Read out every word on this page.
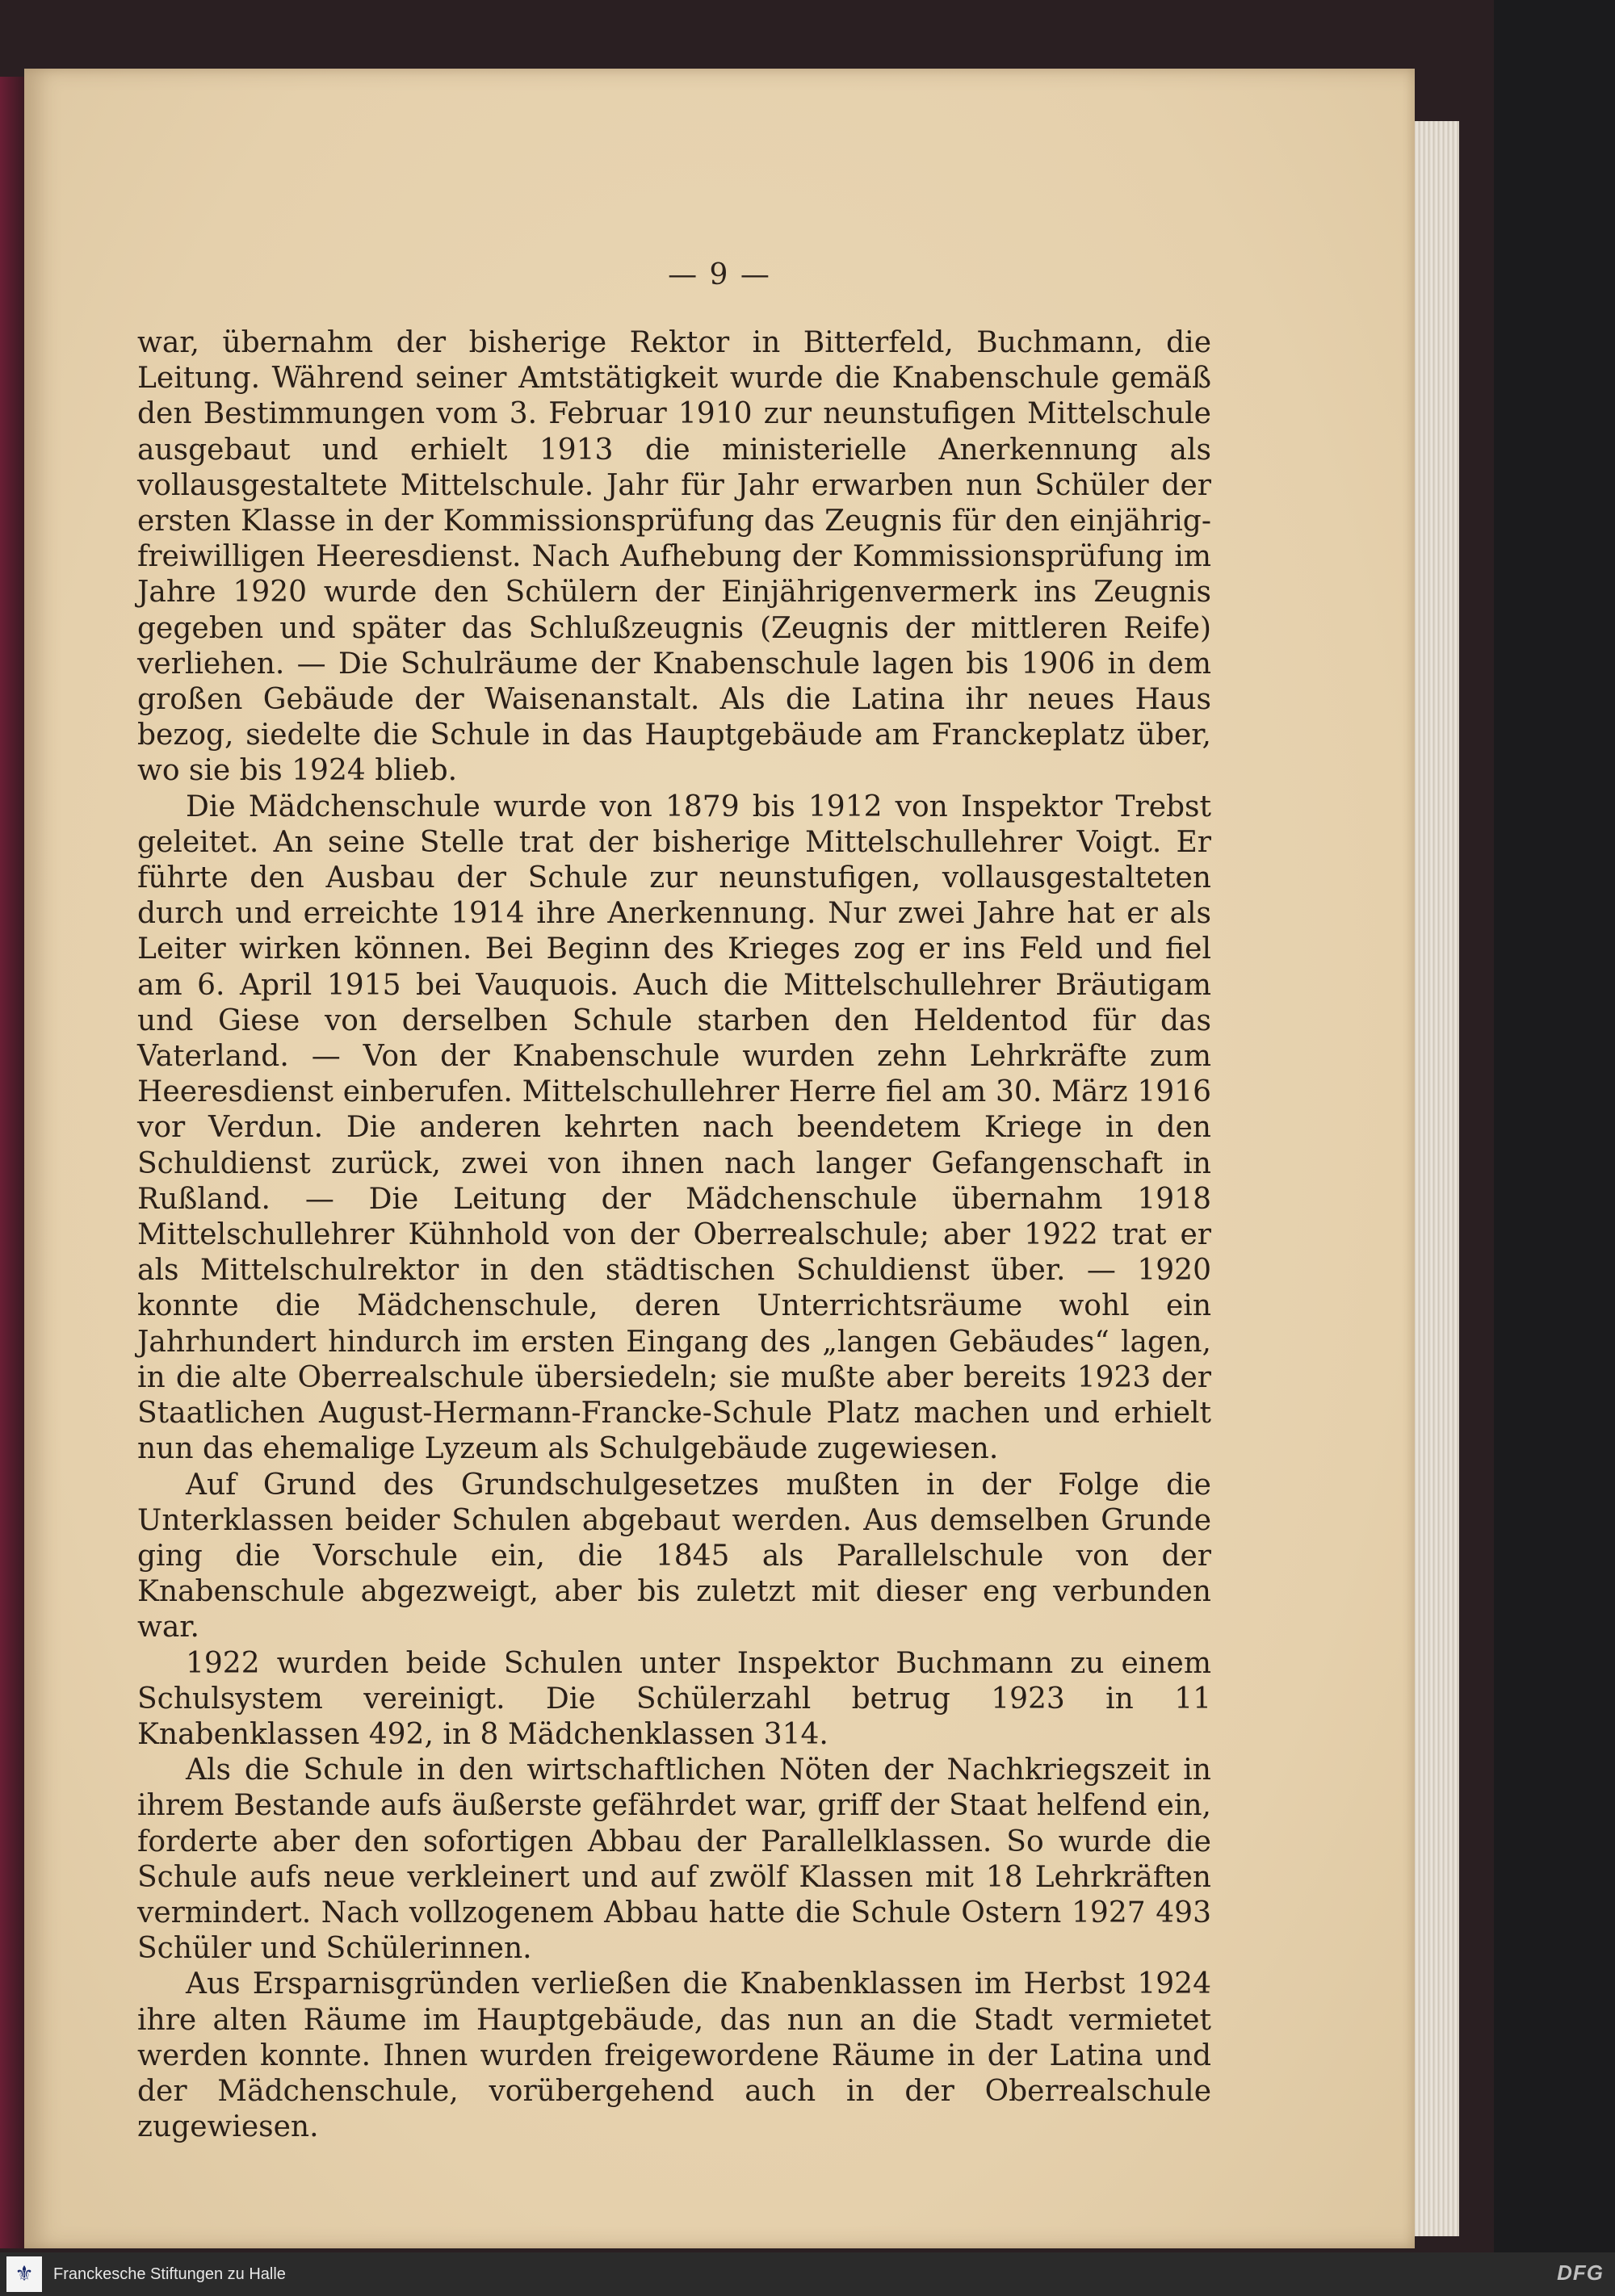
— 9 —

war, übernahm der bisherige Rektor in Bitterfeld, Buchmann, die Leitung. Während seiner Amtstätigkeit wurde die Knabenschule gemäß den Bestimmungen vom 3. Februar 1910 zur neunstufigen Mittelschule ausgebaut und erhielt 1913 die ministerielle Anerkennung als vollausgestaltete Mittelschule. Jahr für Jahr erwarben nun Schüler der ersten Klasse in der Kommissionsprüfung das Zeugnis für den einjährig-freiwilligen Heeresdienst. Nach Aufhebung der Kommissionsprüfung im Jahre 1920 wurde den Schülern der Einjährigenvermerk ins Zeugnis gegeben und später das Schlußzeugnis (Zeugnis der mittleren Reife) verliehen. — Die Schulräume der Knabenschule lagen bis 1906 in dem großen Gebäude der Waisenanstalt. Als die Latina ihr neues Haus bezog, siedelte die Schule in das Hauptgebäude am Franckeplatz über, wo sie bis 1924 blieb.

Die Mädchenschule wurde von 1879 bis 1912 von Inspektor Trebst geleitet. An seine Stelle trat der bisherige Mittelschullehrer Voigt. Er führte den Ausbau der Schule zur neunstufigen, vollausgestalteten durch und erreichte 1914 ihre Anerkennung. Nur zwei Jahre hat er als Leiter wirken können. Bei Beginn des Krieges zog er ins Feld und fiel am 6. April 1915 bei Vauquois. Auch die Mittelschullehrer Bräutigam und Giese von derselben Schule starben den Heldentod für das Vaterland. — Von der Knabenschule wurden zehn Lehrkräfte zum Heeresdienst einberufen. Mittelschullehrer Herre fiel am 30. März 1916 vor Verdun. Die anderen kehrten nach beendetem Kriege in den Schuldienst zurück, zwei von ihnen nach langer Gefangenschaft in Rußland. — Die Leitung der Mädchenschule übernahm 1918 Mittelschullehrer Kühnhold von der Oberrealschule; aber 1922 trat er als Mittelschulrektor in den städtischen Schuldienst über. — 1920 konnte die Mädchenschule, deren Unterrichtsräume wohl ein Jahrhundert hindurch im ersten Eingang des „langen Gebäudes“ lagen, in die alte Oberrealschule übersiedeln; sie mußte aber bereits 1923 der Staatlichen August-Hermann-Francke-Schule Platz machen und erhielt nun das ehemalige Lyzeum als Schulgebäude zugewiesen.

Auf Grund des Grundschulgesetzes mußten in der Folge die Unterklassen beider Schulen abgebaut werden. Aus demselben Grunde ging die Vorschule ein, die 1845 als Parallelschule von der Knabenschule abgezweigt, aber bis zuletzt mit dieser eng verbunden war.

1922 wurden beide Schulen unter Inspektor Buchmann zu einem Schulsystem vereinigt. Die Schülerzahl betrug 1923 in 11 Knabenklassen 492, in 8 Mädchenklassen 314.

Als die Schule in den wirtschaftlichen Nöten der Nachkriegszeit in ihrem Bestande aufs äußerste gefährdet war, griff der Staat helfend ein, forderte aber den sofortigen Abbau der Parallelklassen. So wurde die Schule aufs neue verkleinert und auf zwölf Klassen mit 18 Lehrkräften vermindert. Nach vollzogenem Abbau hatte die Schule Ostern 1927 493 Schüler und Schülerinnen.

Aus Ersparnisgründen verließen die Knabenklassen im Herbst 1924 ihre alten Räume im Hauptgebäude, das nun an die Stadt vermietet werden konnte. Ihnen wurden freigewordene Räume in der Latina und der Mädchenschule, vorübergehend auch in der Oberrealschule zugewiesen.

⚜	Franckesche Stiftungen zu Halle	DFG
